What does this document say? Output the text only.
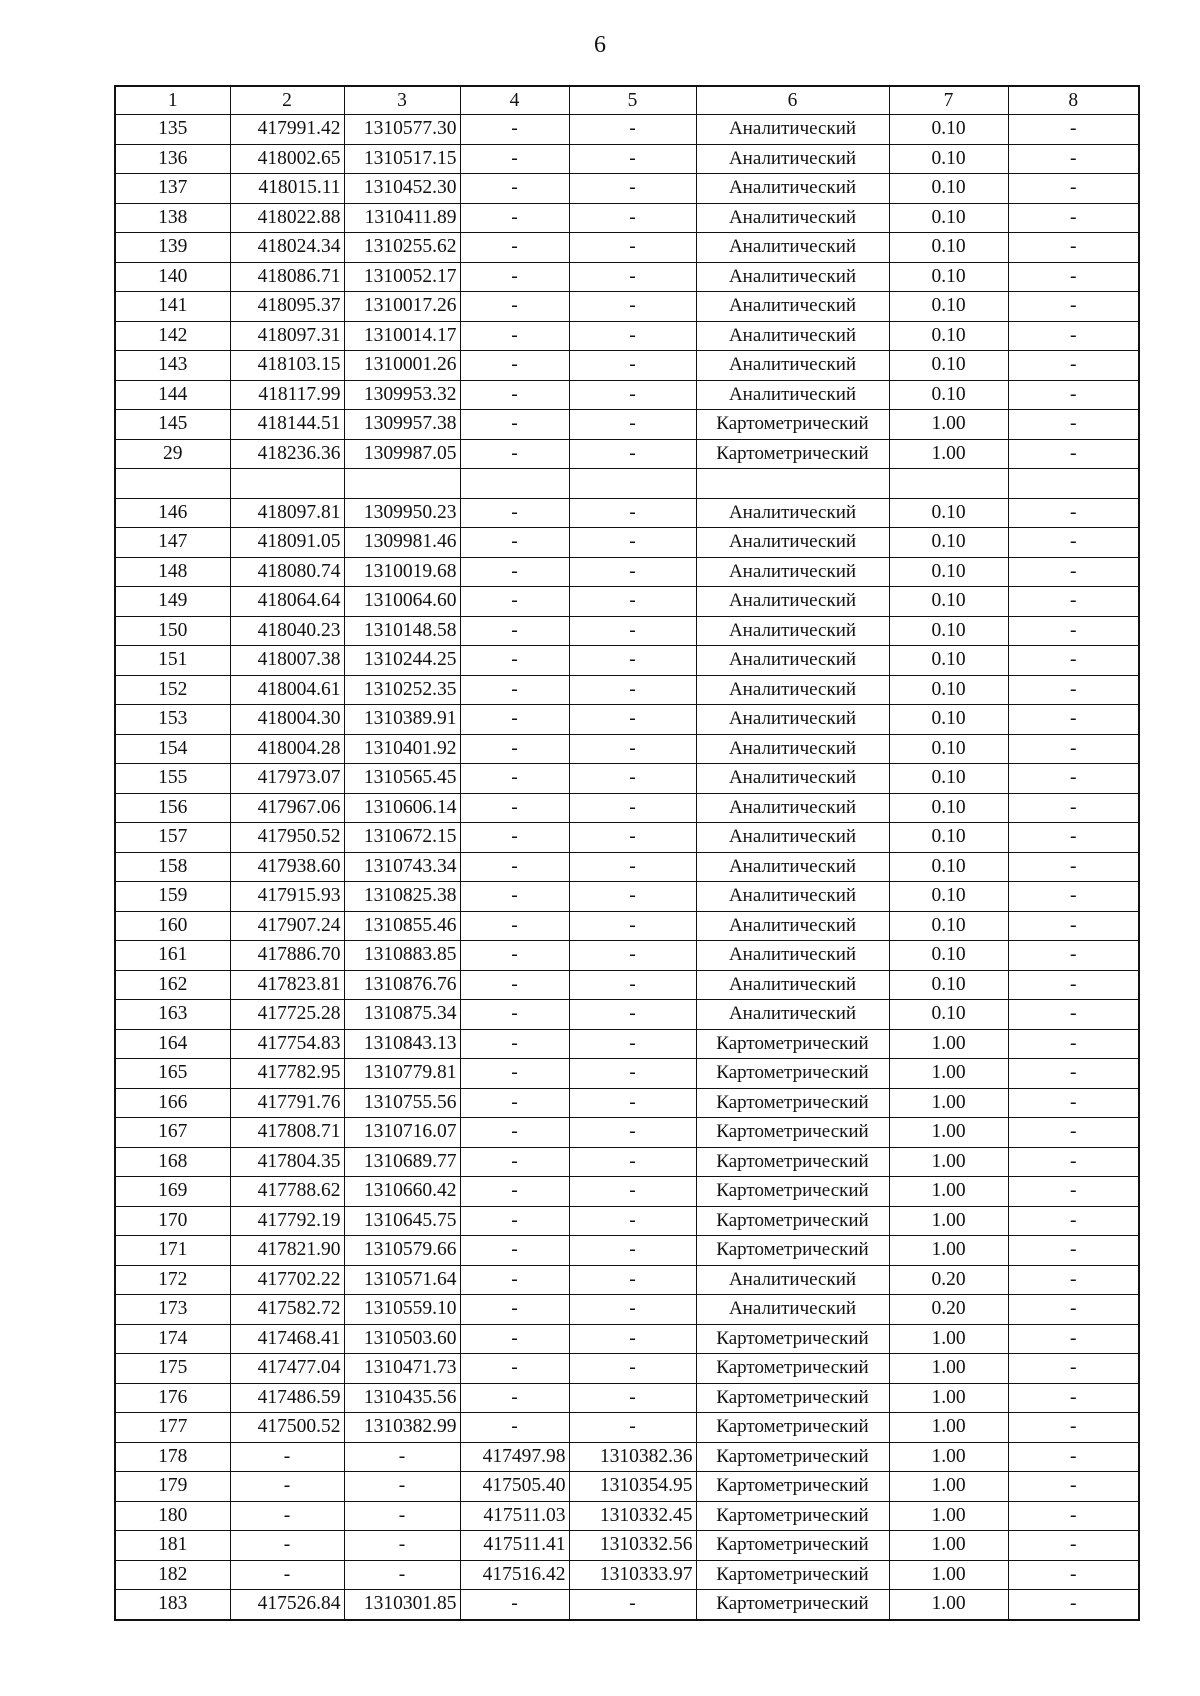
6
1	2	3	4	5	6	7	8
135	417991.42	1310577.30	-	-	Аналитический	0.10	-
136	418002.65	1310517.15	-	-	Аналитический	0.10	-
137	418015.11	1310452.30	-	-	Аналитический	0.10	-
138	418022.88	1310411.89	-	-	Аналитический	0.10	-
139	418024.34	1310255.62	-	-	Аналитический	0.10	-
140	418086.71	1310052.17	-	-	Аналитический	0.10	-
141	418095.37	1310017.26	-	-	Аналитический	0.10	-
142	418097.31	1310014.17	-	-	Аналитический	0.10	-
143	418103.15	1310001.26	-	-	Аналитический	0.10	-
144	418117.99	1309953.32	-	-	Аналитический	0.10	-
145	418144.51	1309957.38	-	-	Картометрический	1.00	-
29	418236.36	1309987.05	-	-	Картометрический	1.00	-

146	418097.81	1309950.23	-	-	Аналитический	0.10	-
147	418091.05	1309981.46	-	-	Аналитический	0.10	-
148	418080.74	1310019.68	-	-	Аналитический	0.10	-
149	418064.64	1310064.60	-	-	Аналитический	0.10	-
150	418040.23	1310148.58	-	-	Аналитический	0.10	-
151	418007.38	1310244.25	-	-	Аналитический	0.10	-
152	418004.61	1310252.35	-	-	Аналитический	0.10	-
153	418004.30	1310389.91	-	-	Аналитический	0.10	-
154	418004.28	1310401.92	-	-	Аналитический	0.10	-
155	417973.07	1310565.45	-	-	Аналитический	0.10	-
156	417967.06	1310606.14	-	-	Аналитический	0.10	-
157	417950.52	1310672.15	-	-	Аналитический	0.10	-
158	417938.60	1310743.34	-	-	Аналитический	0.10	-
159	417915.93	1310825.38	-	-	Аналитический	0.10	-
160	417907.24	1310855.46	-	-	Аналитический	0.10	-
161	417886.70	1310883.85	-	-	Аналитический	0.10	-
162	417823.81	1310876.76	-	-	Аналитический	0.10	-
163	417725.28	1310875.34	-	-	Аналитический	0.10	-
164	417754.83	1310843.13	-	-	Картометрический	1.00	-
165	417782.95	1310779.81	-	-	Картометрический	1.00	-
166	417791.76	1310755.56	-	-	Картометрический	1.00	-
167	417808.71	1310716.07	-	-	Картометрический	1.00	-
168	417804.35	1310689.77	-	-	Картометрический	1.00	-
169	417788.62	1310660.42	-	-	Картометрический	1.00	-
170	417792.19	1310645.75	-	-	Картометрический	1.00	-
171	417821.90	1310579.66	-	-	Картометрический	1.00	-
172	417702.22	1310571.64	-	-	Аналитический	0.20	-
173	417582.72	1310559.10	-	-	Аналитический	0.20	-
174	417468.41	1310503.60	-	-	Картометрический	1.00	-
175	417477.04	1310471.73	-	-	Картометрический	1.00	-
176	417486.59	1310435.56	-	-	Картометрический	1.00	-
177	417500.52	1310382.99	-	-	Картометрический	1.00	-
178	-	-	417497.98	1310382.36	Картометрический	1.00	-
179	-	-	417505.40	1310354.95	Картометрический	1.00	-
180	-	-	417511.03	1310332.45	Картометрический	1.00	-
181	-	-	417511.41	1310332.56	Картометрический	1.00	-
182	-	-	417516.42	1310333.97	Картометрический	1.00	-
183	417526.84	1310301.85	-	-	Картометрический	1.00	-
